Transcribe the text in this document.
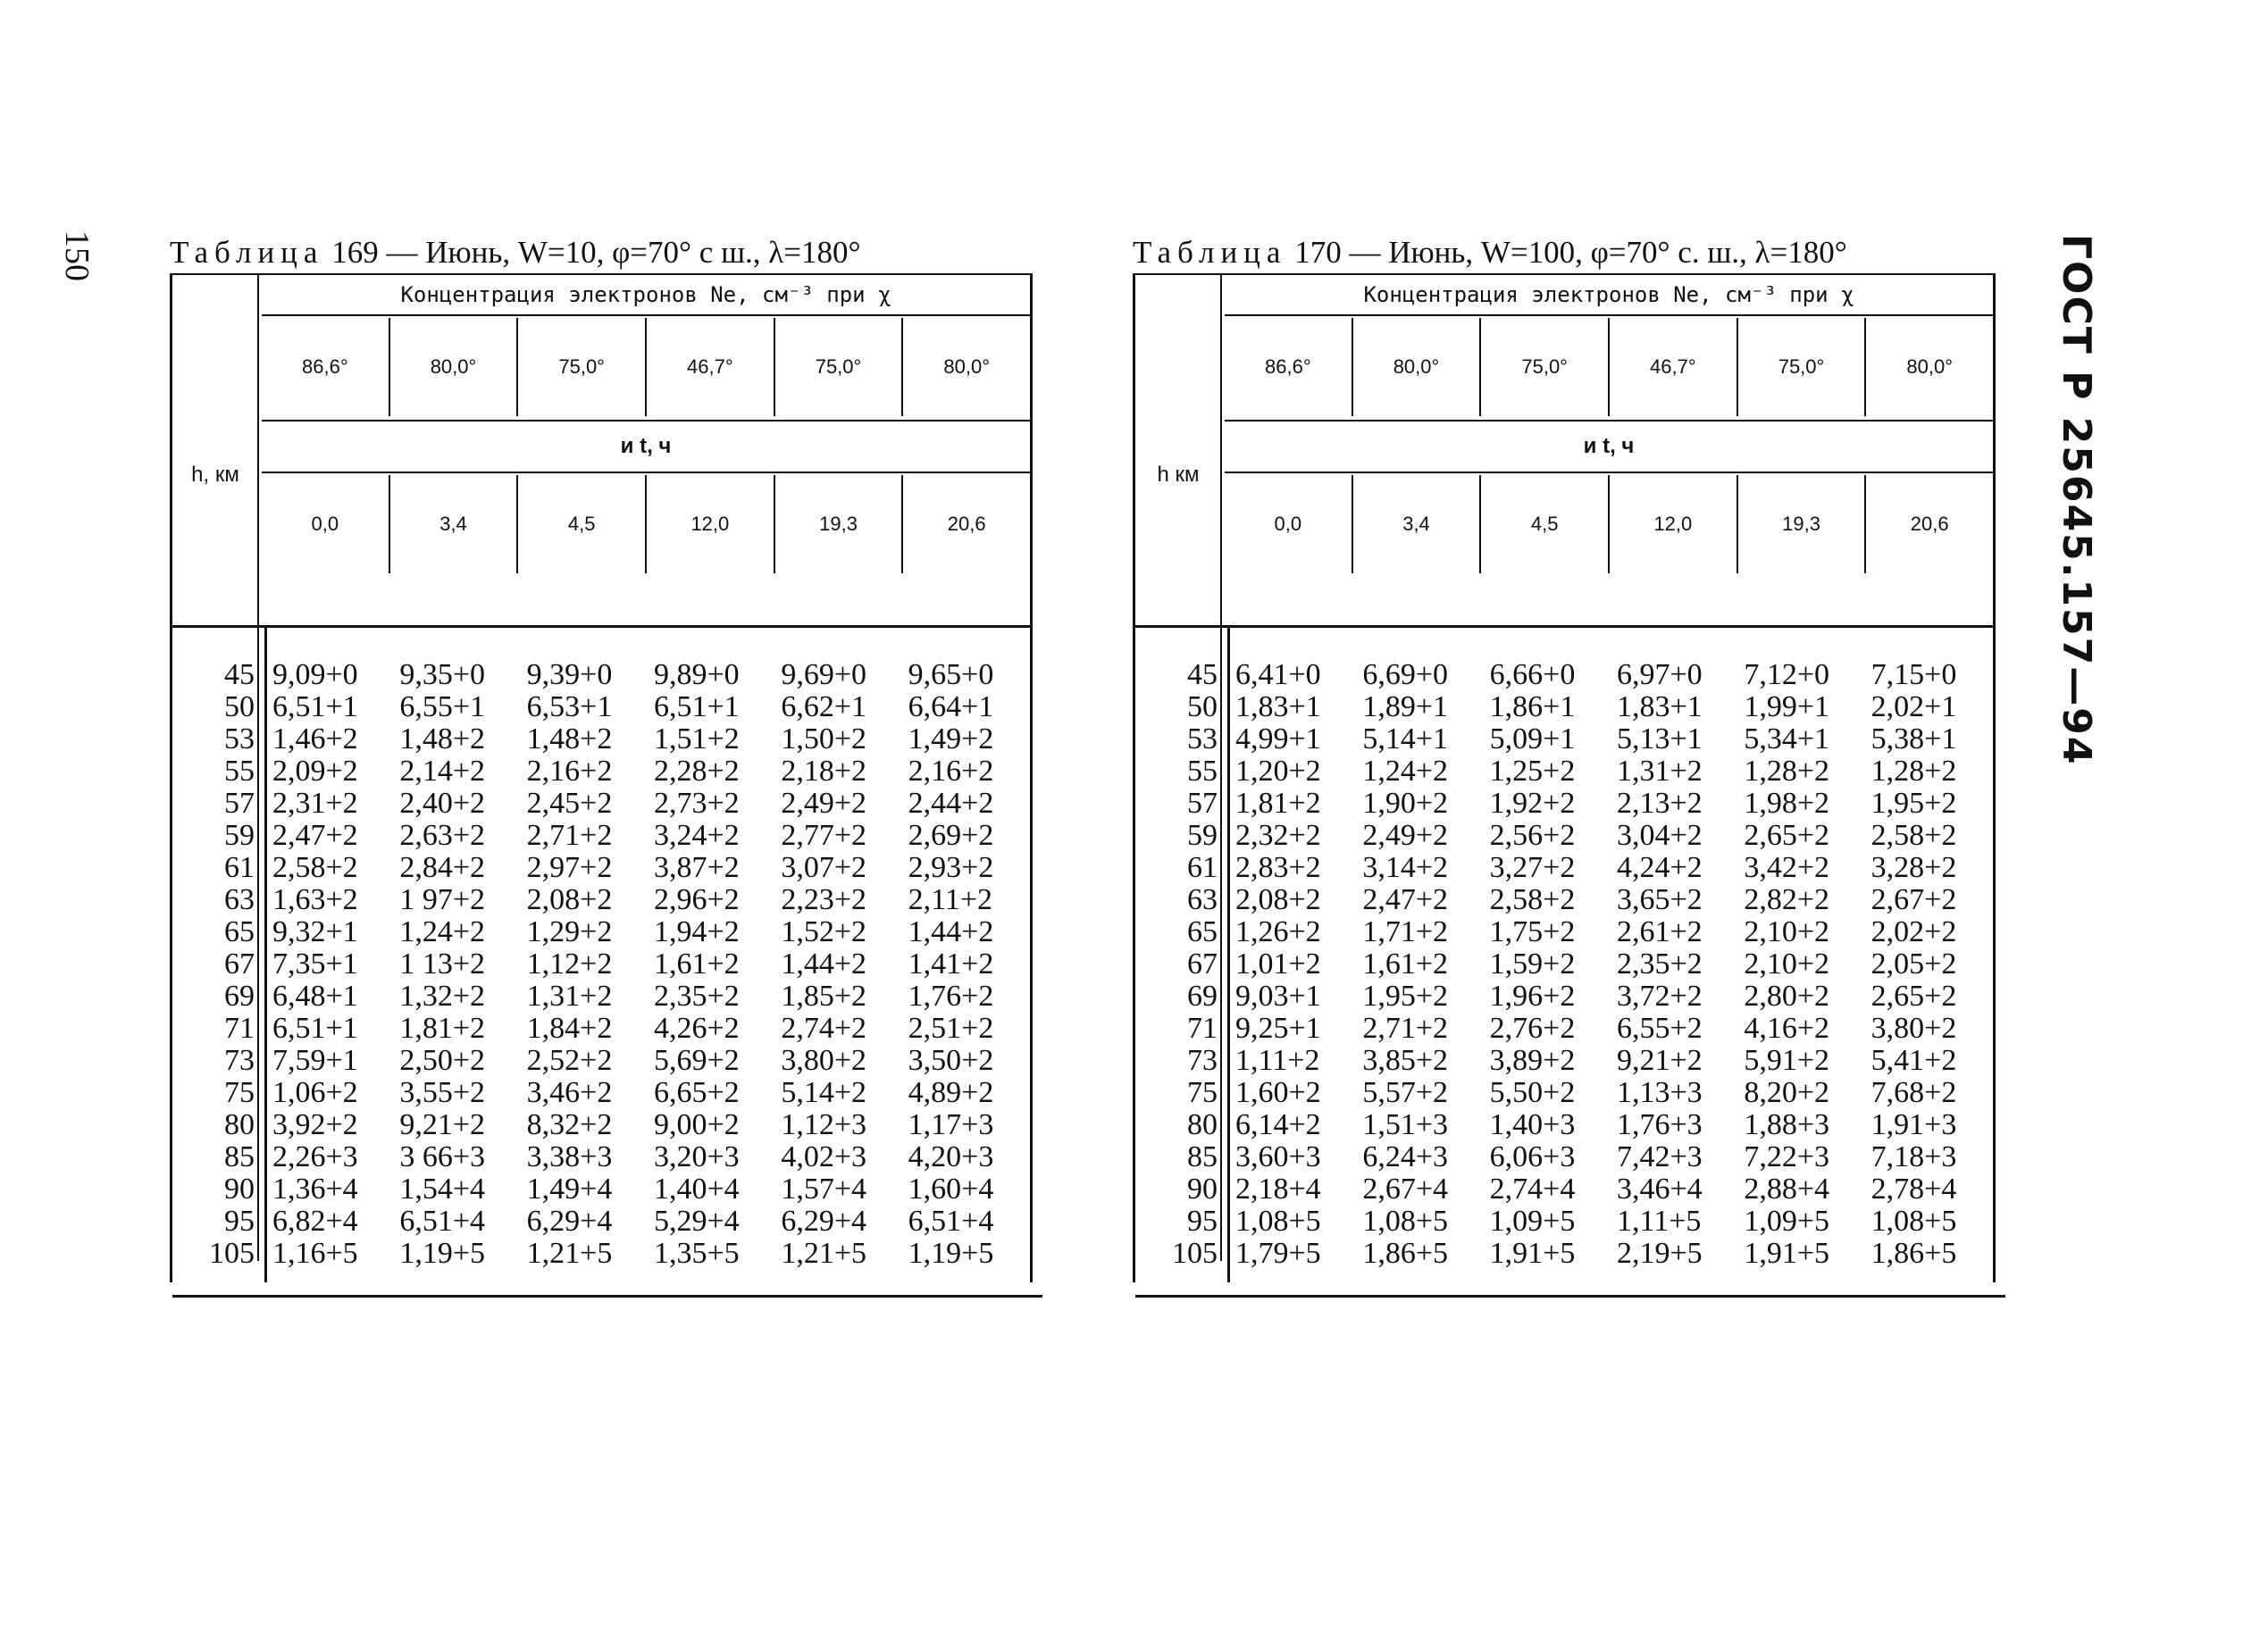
150	ГОСТ Р 25645.157—94
Таблица 169 — Июнь, W=10, φ=70° с ш., λ=180°
h, км
Концентрация электронов Ne, см⁻³ при χ
86,6°	80,0°	75,0°	46,7°	75,0°	80,0°
и t, ч
0,0	3,4	4,5	12,0	19,3	20,6
45 9,09+0	9,35+0	9,39+0	9,89+0	9,69+0	9,65+0
50 6,51+1	6,55+1	6,53+1	6,51+1	6,62+1	6,64+1
53 1,46+2	1,48+2	1,48+2	1,51+2	1,50+2	1,49+2
55 2,09+2	2,14+2	2,16+2	2,28+2	2,18+2	2,16+2
57 2,31+2	2,40+2	2,45+2	2,73+2	2,49+2	2,44+2
59 2,47+2	2,63+2	2,71+2	3,24+2	2,77+2	2,69+2
61 2,58+2	2,84+2	2,97+2	3,87+2	3,07+2	2,93+2
63 1,63+2	1 97+2	2,08+2	2,96+2	2,23+2	2,11+2
65 9,32+1	1,24+2	1,29+2	1,94+2	1,52+2	1,44+2
67 7,35+1	1 13+2	1,12+2	1,61+2	1,44+2	1,41+2
69 6,48+1	1,32+2	1,31+2	2,35+2	1,85+2	1,76+2
71 6,51+1	1,81+2	1,84+2	4,26+2	2,74+2	2,51+2
73 7,59+1	2,50+2	2,52+2	5,69+2	3,80+2	3,50+2
75 1,06+2	3,55+2	3,46+2	6,65+2	5,14+2	4,89+2
80 3,92+2	9,21+2	8,32+2	9,00+2	1,12+3	1,17+3
85 2,26+3	3 66+3	3,38+3	3,20+3	4,02+3	4,20+3
90 1,36+4	1,54+4	1,49+4	1,40+4	1,57+4	1,60+4
95 6,82+4	6,51+4	6,29+4	5,29+4	6,29+4	6,51+4
105 1,16+5	1,19+5	1,21+5	1,35+5	1,21+5	1,19+5
Таблица 170 — Июнь, W=100, φ=70° с. ш., λ=180°
h км
Концентрация электронов Ne, см⁻³ при χ
86,6°	80,0°	75,0°	46,7°	75,0°	80,0°
и t, ч
0,0	3,4	4,5	12,0	19,3	20,6
45 6,41+0	6,69+0	6,66+0	6,97+0	7,12+0	7,15+0
50 1,83+1	1,89+1	1,86+1	1,83+1	1,99+1	2,02+1
53 4,99+1	5,14+1	5,09+1	5,13+1	5,34+1	5,38+1
55 1,20+2	1,24+2	1,25+2	1,31+2	1,28+2	1,28+2
57 1,81+2	1,90+2	1,92+2	2,13+2	1,98+2	1,95+2
59 2,32+2	2,49+2	2,56+2	3,04+2	2,65+2	2,58+2
61 2,83+2	3,14+2	3,27+2	4,24+2	3,42+2	3,28+2
63 2,08+2	2,47+2	2,58+2	3,65+2	2,82+2	2,67+2
65 1,26+2	1,71+2	1,75+2	2,61+2	2,10+2	2,02+2
67 1,01+2	1,61+2	1,59+2	2,35+2	2,10+2	2,05+2
69 9,03+1	1,95+2	1,96+2	3,72+2	2,80+2	2,65+2
71 9,25+1	2,71+2	2,76+2	6,55+2	4,16+2	3,80+2
73 1,11+2	3,85+2	3,89+2	9,21+2	5,91+2	5,41+2
75 1,60+2	5,57+2	5,50+2	1,13+3	8,20+2	7,68+2
80 6,14+2	1,51+3	1,40+3	1,76+3	1,88+3	1,91+3
85 3,60+3	6,24+3	6,06+3	7,42+3	7,22+3	7,18+3
90 2,18+4	2,67+4	2,74+4	3,46+4	2,88+4	2,78+4
95 1,08+5	1,08+5	1,09+5	1,11+5	1,09+5	1,08+5
105 1,79+5	1,86+5	1,91+5	2,19+5	1,91+5	1,86+5
